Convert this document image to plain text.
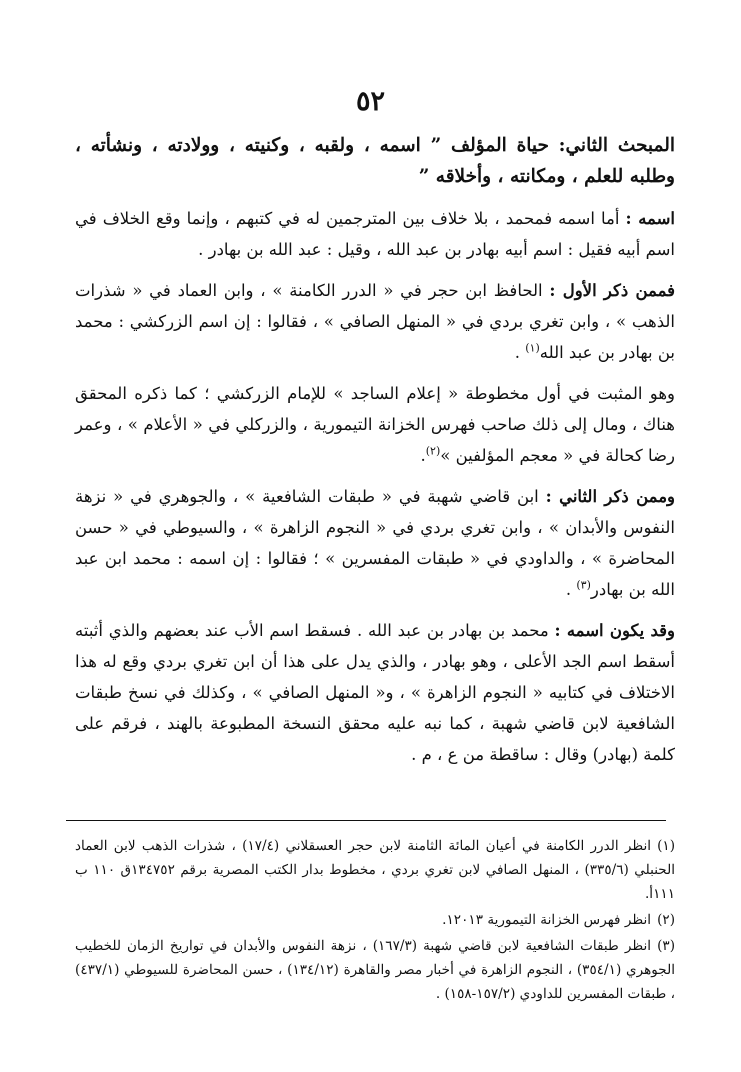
٥٢

المبحث الثاني: حياة المؤلف ” اسمه ، ولقبه ، وكنيته ، وولادته ، ونشأته ، وطلبه للعلم ، ومكانته ، وأخلاقه ”

اسمه : أما اسمه فمحمد ، بلا خلاف بين المترجمين له في كتبهم ، وإنما وقع الخلاف في اسم أبيه فقيل : اسم أبيه بهادر بن عبد الله ، وقيل : عبد الله بن بهادر .

فممن ذكر الأول : الحافظ ابن حجر في « الدرر الكامنة » ، وابن العماد في « شذرات الذهب » ، وابن تغري بردي في « المنهل الصافي » ، فقالوا : إن اسم الزركشي : محمد بن بهادر بن عبد الله$^{(١)}$ .

وهو المثبت في أول مخطوطة « إعلام الساجد » للإمام الزركشي ؛ كما ذكره المحقق هناك ، ومال إلى ذلك صاحب فهرس الخزانة التيمورية ، والزركلي في « الأعلام » ، وعمر رضا كحالة في « معجم المؤلفين »$^{(٢)}$.

وممن ذكر الثاني : ابن قاضي شهبة في « طبقات الشافعية » ، والجوهري في « نزهة النفوس والأبدان » ، وابن تغري بردي في « النجوم الزاهرة » ، والسيوطي في « حسن المحاضرة » ، والداودي في « طبقات المفسرين » ؛ فقالوا : إن اسمه : محمد ابن عبد الله بن بهادر$^{(٣)}$ .

وقد يكون اسمه : محمد بن بهادر بن عبد الله . فسقط اسم الأب عند بعضهم والذي أثبته أسقط اسم الجد الأعلى ، وهو بهادر ، والذي يدل على هذا أن ابن تغري بردي وقع له هذا الاختلاف في كتابيه « النجوم الزاهرة » ، و« المنهل الصافي » ، وكذلك في نسخ طبقات الشافعية لابن قاضي شهبة ، كما نبه عليه محقق النسخة المطبوعة بالهند ، فرقم على كلمة (بهادر) وقال : ساقطة من ع ، م .

(١)انظر الدرر الكامنة في أعيان المائة الثامنة لابن حجر العسقلاني (١٧/٤) ، شذرات الذهب لابن العماد الحنبلي (٣٣٥/٦) ، المنهل الصافي لابن تغري بردي ، مخطوط بدار الكتب المصرية برقم ١٣٤٧٥٢ق ١١٠ ب ١١١أ.

(٢)انظر فهرس الخزانة التيمورية ١٢٠١٣.

(٣)انظر طبقات الشافعية لابن قاضي شهبة (١٦٧/٣) ، نزهة النفوس والأبدان في تواريخ الزمان للخطيب الجوهري (٣٥٤/١) ، النجوم الزاهرة في أخبار مصر والقاهرة (١٣٤/١٢) ، حسن المحاضرة للسيوطي (٤٣٧/١) ، طبقات المفسرين للداودي (١٥٧/٢-١٥٨) .
